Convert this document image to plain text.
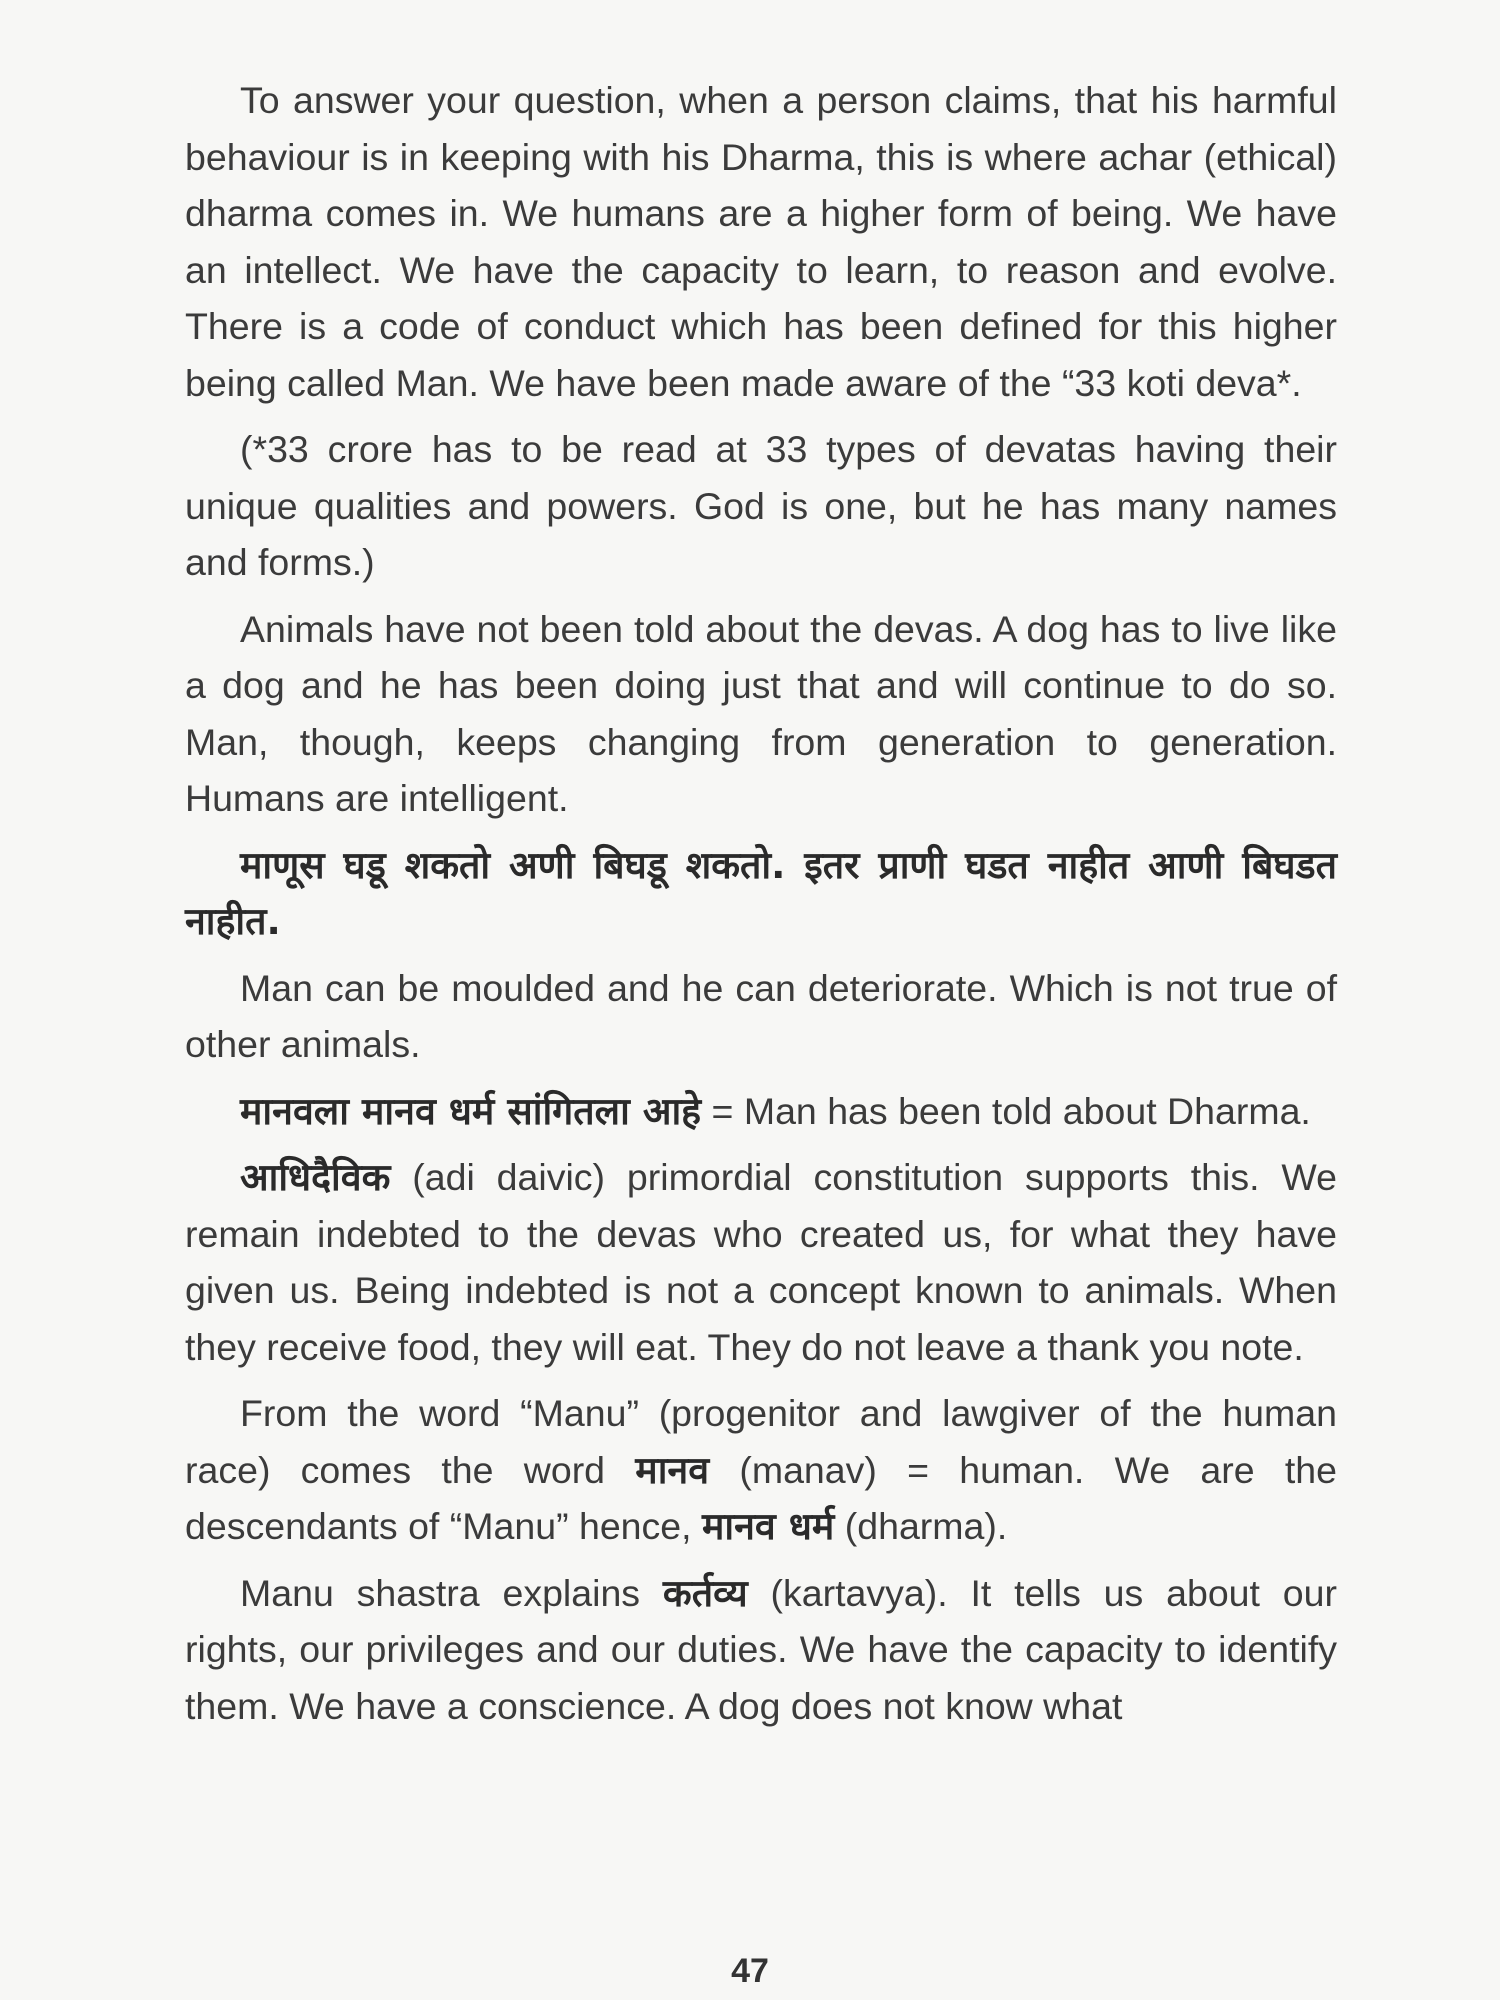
To answer your question, when a person claims, that his harmful behaviour is in keeping with his Dharma, this is where achar (ethical) dharma comes in. We humans are a higher form of being. We have an intellect. We have the capacity to learn, to reason and evolve. There is a code of conduct which has been defined for this higher being called Man. We have been made aware of the “33 koti deva*.

(*33 crore has to be read at 33 types of devatas having their unique qualities and powers. God is one, but he has many names and forms.)

Animals have not been told about the devas. A dog has to live like a dog and he has been doing just that and will continue to do so. Man, though, keeps changing from generation to generation. Humans are intelligent.

माणूस घडू शकतो अणी बिघडू शकतो. इतर प्राणी घडत नाहीत आणी बिघडत नाहीत.

Man can be moulded and he can deteriorate. Which is not true of other animals.

मानवला मानव धर्म सांगितला आहे = Man has been told about Dharma.

आधिदैविक (adi daivic) primordial constitution supports this. We remain indebted to the devas who created us, for what they have given us. Being indebted is not a concept known to animals. When they receive food, they will eat. They do not leave a thank you note.

From the word “Manu” (progenitor and lawgiver of the human race) comes the word मानव (manav) = human. We are the descendants of “Manu” hence, मानव धर्म (dharma).

Manu shastra explains कर्तव्य (kartavya). It tells us about our rights, our privileges and our duties. We have the capacity to identify them. We have a conscience. A dog does not know what

47
